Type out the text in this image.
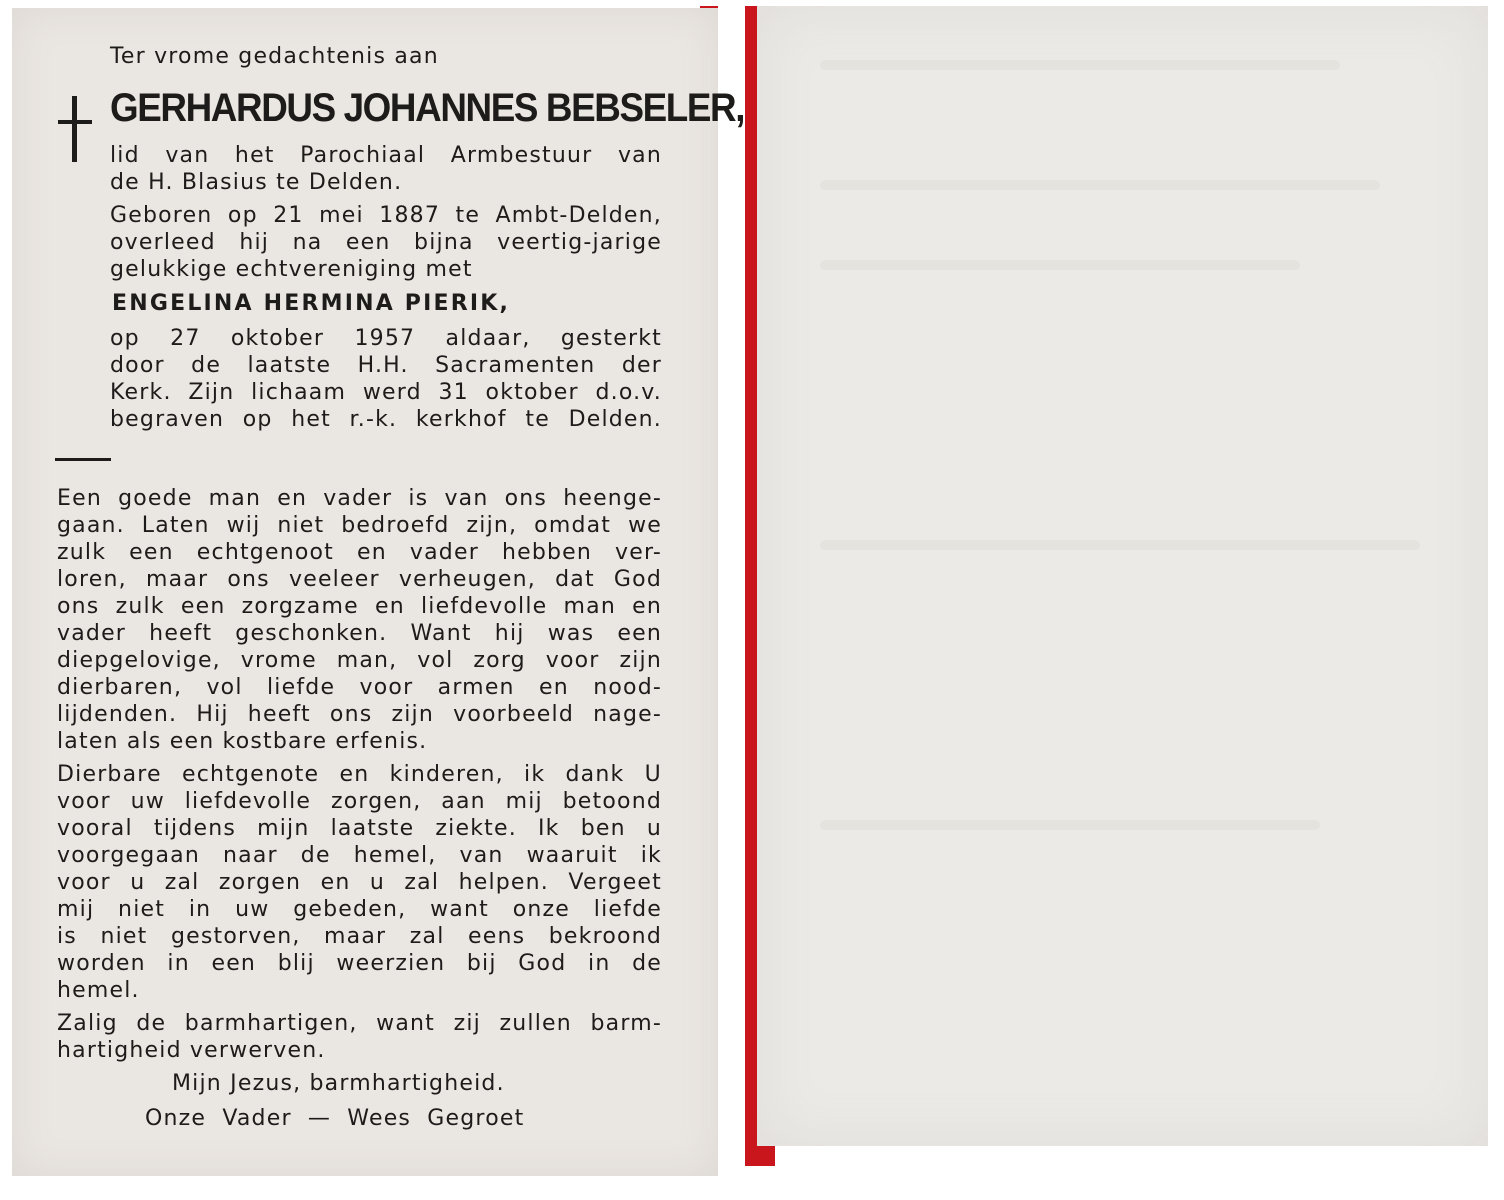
Ter vrome gedachtenis aan
GERHARDUS JOHANNES BEBSELER,
lid van het Parochiaal Armbestuur van
de H. Blasius te Delden.
Geboren op 21 mei 1887 te Ambt-Delden,
overleed hij na een bijna veertig-jarige
gelukkige echtvereniging met
ENGELINA HERMINA PIERIK,
op 27 oktober 1957 aldaar, gesterkt
door de laatste H.H. Sacramenten der
Kerk. Zijn lichaam werd 31 oktober d.o.v.
begraven op het r.-k. kerkhof te Delden.
Een goede man en vader is van ons heenge-
gaan. Laten wij niet bedroefd zijn, omdat we
zulk een echtgenoot en vader hebben ver-
loren, maar ons veeleer verheugen, dat God
ons zulk een zorgzame en liefdevolle man en
vader heeft geschonken. Want hij was een
diepgelovige, vrome man, vol zorg voor zijn
dierbaren, vol liefde voor armen en nood-
lijdenden. Hij heeft ons zijn voorbeeld nage-
laten als een kostbare erfenis.
Dierbare echtgenote en kinderen, ik dank U
voor uw liefdevolle zorgen, aan mij betoond
vooral tijdens mijn laatste ziekte. Ik ben u
voorgegaan naar de hemel, van waaruit ik
voor u zal zorgen en u zal helpen. Vergeet
mij niet in uw gebeden, want onze liefde
is niet gestorven, maar zal eens bekroond
worden in een blij weerzien bij God in de
hemel.
Zalig de barmhartigen, want zij zullen barm-
hartigheid verwerven.
Mijn Jezus, barmhartigheid.
Onze Vader — Wees Gegroet
